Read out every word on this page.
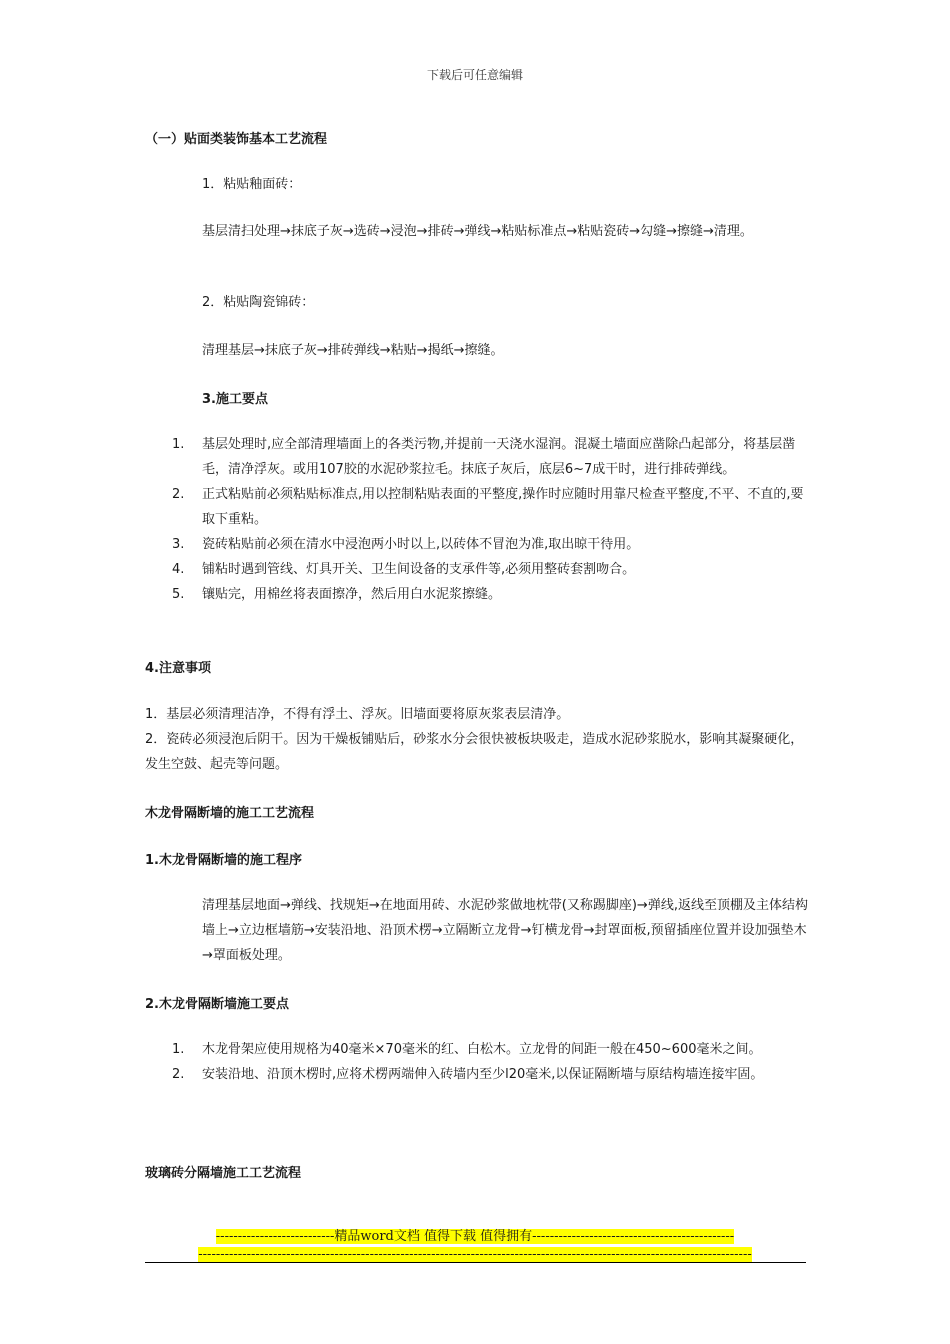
下载后可任意编辑
（一）贴面类装饰基本工艺流程
1．粘贴釉面砖：
基层清扫处理→抹底子灰→选砖→浸泡→排砖→弹线→粘贴标准点→粘贴瓷砖→勾缝→擦缝→清理。
2．粘贴陶瓷锦砖：
清理基层→抹底子灰→排砖弹线→粘贴→揭纸→擦缝。
3.施工要点
1. 基层处理时,应全部清理墙面上的各类污物,并提前一天浇水湿润。混凝土墙面应凿除凸起部分，将基层凿毛，清净浮灰。或用107胶的水泥砂浆拉毛。抹底子灰后，底层6~7成干时，进行排砖弹线。
2. 正式粘贴前必须粘贴标准点,用以控制粘贴表面的平整度,操作时应随时用靠尺检查平整度,不平、不直的,要取下重粘。
3. 瓷砖粘贴前必须在清水中浸泡两小时以上,以砖体不冒泡为准,取出晾干待用。
4. 铺粘时遇到管线、灯具开关、卫生间设备的支承件等,必须用整砖套割吻合。
5. 镶贴完，用棉丝将表面擦净，然后用白水泥浆擦缝。
4.注意事项
1．基层必须清理洁净，不得有浮土、浮灰。旧墙面要将原灰浆表层清净。
2．瓷砖必须浸泡后阴干。因为干燥板铺贴后，砂浆水分会很快被板块吸走，造成水泥砂浆脱水，影响其凝聚硬化，发生空鼓、起壳等问题。
木龙骨隔断墙的施工工艺流程
1.木龙骨隔断墙的施工程序
清理基层地面→弹线、找规矩→在地面用砖、水泥砂浆做地枕带(又称踢脚座)→弹线,返线至顶棚及主体结构墙上→立边框墙筋→安装沿地、沿顶术楞→立隔断立龙骨→钉横龙骨→封罩面板,预留插座位置并设加强垫木→罩面板处理。
2.木龙骨隔断墙施工要点
1. 木龙骨架应使用规格为40毫米×70毫米的红、白松木。立龙骨的间距一般在450~600毫米之间。
2. 安装沿地、沿顶木楞时,应将术楞两端伸入砖墙内至少l20毫米,以保证隔断墙与原结构墙连接牢固。
玻璃砖分隔墙施工工艺流程
---------------------------精品word文档 值得下载 值得拥有----------------------------------------------
------------------------------------------------------------------------------------------------------------------------------
